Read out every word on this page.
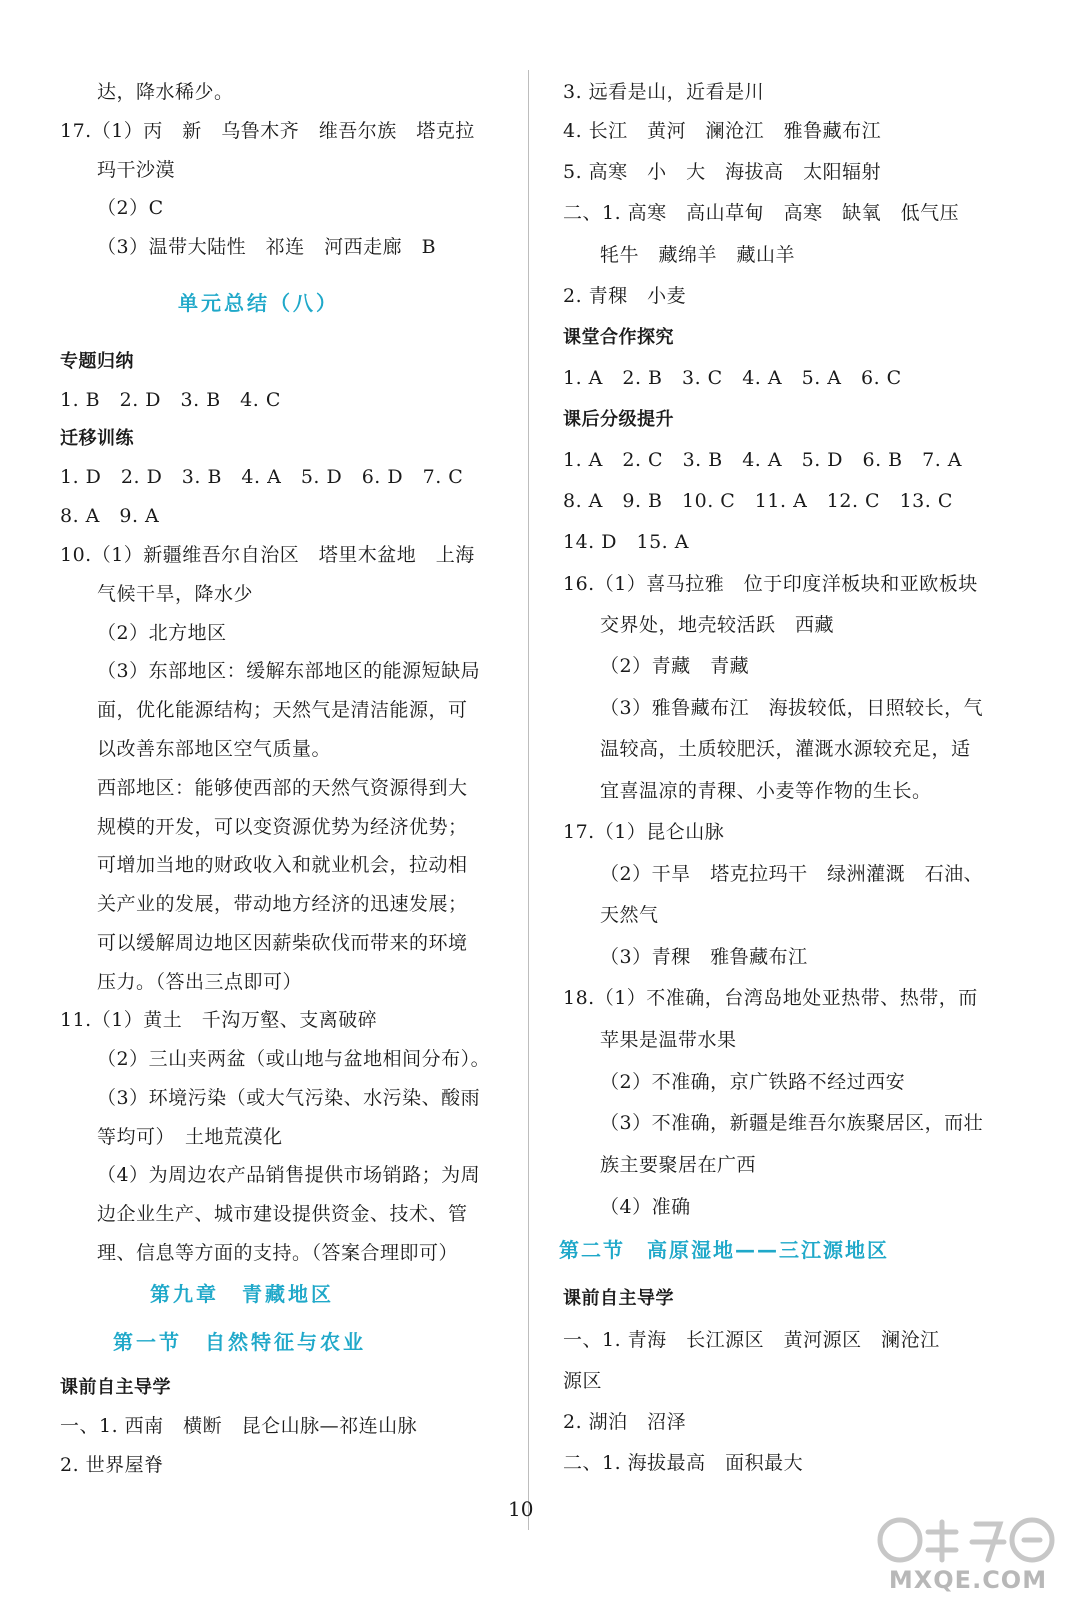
达，降水稀少。
17.（1）丙　新　乌鲁木齐　维吾尔族　塔克拉
玛干沙漠
（2）C
（3）温带大陆性　祁连　河西走廊　B
单元总结（八）
专题归纳
1. B　2. D　3. B　4. C
迁移训练
1. D　2. D　3. B　4. A　5. D　6. D　7. C
8. A　9. A
10.（1）新疆维吾尔自治区　塔里木盆地　上海
气候干旱，降水少
（2）北方地区
（3）东部地区：缓解东部地区的能源短缺局
面，优化能源结构；天然气是清洁能源，可
以改善东部地区空气质量。
西部地区：能够使西部的天然气资源得到大
规模的开发，可以变资源优势为经济优势；
可增加当地的财政收入和就业机会，拉动相
关产业的发展，带动地方经济的迅速发展；
可以缓解周边地区因薪柴砍伐而带来的环境
压力。（答出三点即可）
11.（1）黄土　千沟万壑、支离破碎
（2）三山夹两盆（或山地与盆地相间分布）。
（3）环境污染（或大气污染、水污染、酸雨
等均可）　土地荒漠化
（4）为周边农产品销售提供市场销路；为周
边企业生产、城市建设提供资金、技术、管
理、信息等方面的支持。（答案合理即可）
第九章　青藏地区
第一节　自然特征与农业
课前自主导学
一、1. 西南　横断　昆仑山脉—祁连山脉
2. 世界屋脊
3. 远看是山，近看是川
4. 长江　黄河　澜沧江　雅鲁藏布江
5. 高寒　小　大　海拔高　太阳辐射
二、1. 高寒　高山草甸　高寒　缺氧　低气压
牦牛　藏绵羊　藏山羊
2. 青稞　小麦
课堂合作探究
1. A　2. B　3. C　4. A　5. A　6. C
课后分级提升
1. A　2. C　3. B　4. A　5. D　6. B　7. A
8. A　9. B　10. C　11. A　12. C　13. C
14. D　15. A
16.（1）喜马拉雅　位于印度洋板块和亚欧板块
交界处，地壳较活跃　西藏
（2）青藏　青藏
（3）雅鲁藏布江　海拔较低，日照较长，气
温较高，土质较肥沃，灌溉水源较充足，适
宜喜温凉的青稞、小麦等作物的生长。
17.（1）昆仑山脉
（2）干旱　塔克拉玛干　绿洲灌溉　石油、
天然气
（3）青稞　雅鲁藏布江
18.（1）不准确，台湾岛地处亚热带、热带，而
苹果是温带水果
（2）不准确，京广铁路不经过西安
（3）不准确，新疆是维吾尔族聚居区，而壮
族主要聚居在广西
（4）准确
第二节　高原湿地——三江源地区
课前自主导学
一、1. 青海　长江源区　黄河源区　澜沧江
源区
2. 湖泊　沼泽
二、1. 海拔最高　面积最大
10
MXQE.COM
